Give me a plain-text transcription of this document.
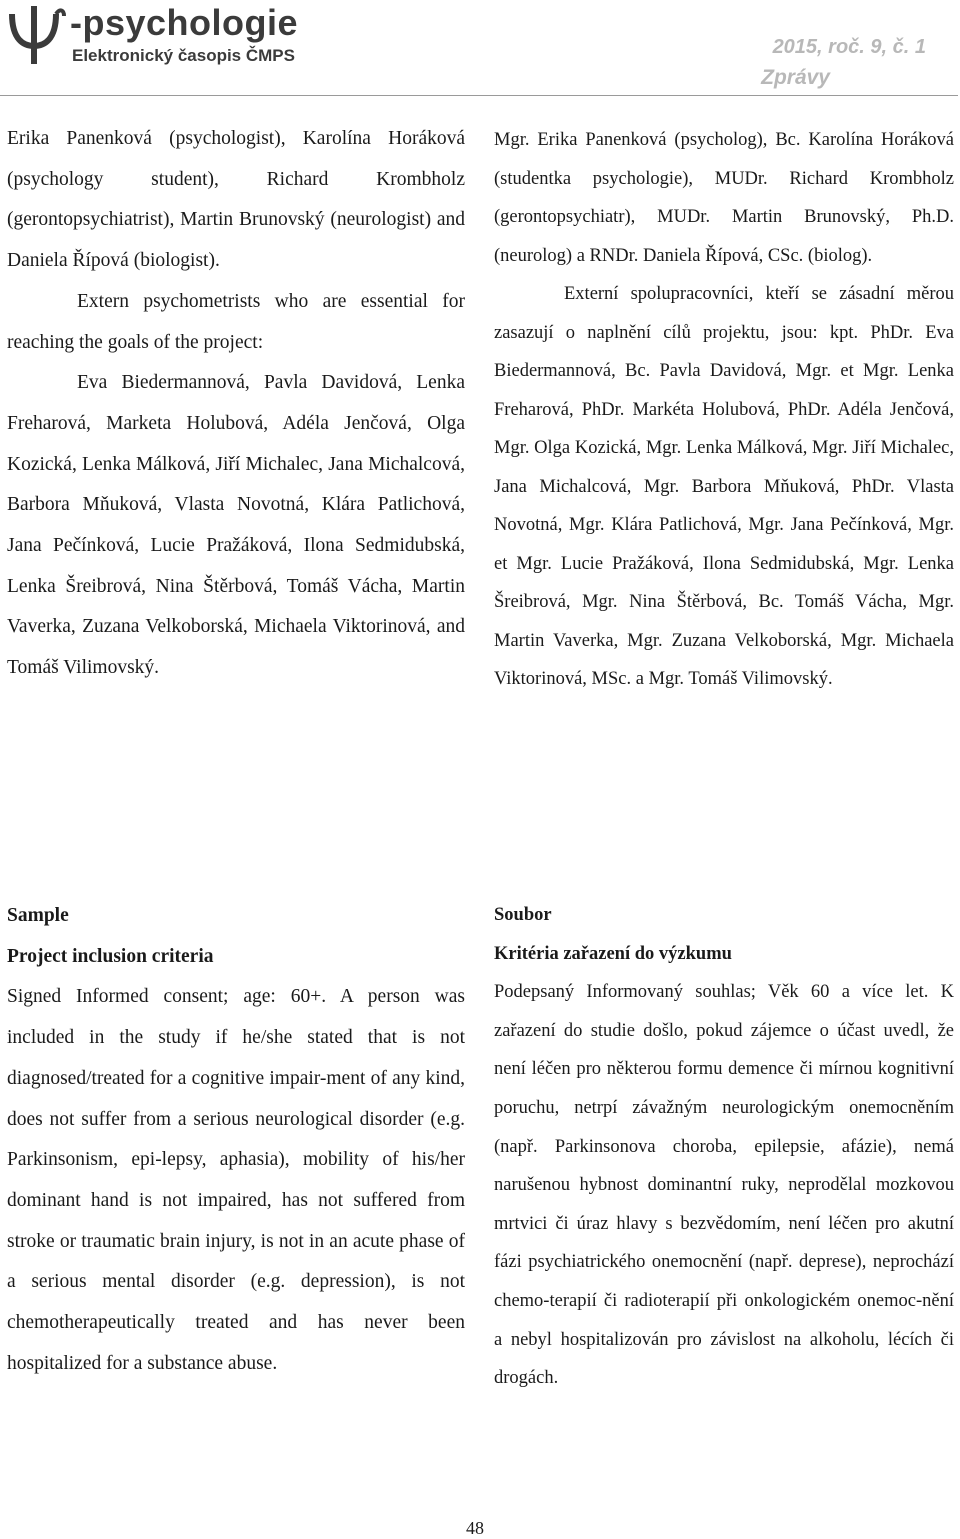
-psychologie
Elektronický časopis ČMPS	2015, roč. 9, č. 1
Zprávy

Erika Panenková (psychologist), Karolína Horáková (psychology student), Richard Krombholz (gerontopsychiatrist), Martin Brunovský (neurologist) and Daniela Řípová (biologist).

Extern psychometrists who are essential for reaching the goals of the project:

Eva Biedermannová, Pavla Davidová, Lenka Freharová, Marketa Holubová, Adéla Jenčová, Olga Kozická, Lenka Málková, Jiří Michalec, Jana Michalcová, Barbora Mňuková, Vlasta Novotná, Klára Patlichová, Jana Pečínková, Lucie Pražáková, Ilona Sedmidubská, Lenka Šreibrová, Nina Štěrbová, Tomáš Vácha, Martin Vaverka, Zuzana Velkoborská, Michaela Viktorinová, and Tomáš Vilimovský.

Mgr. Erika Panenková (psycholog), Bc. Karolína Horáková (studentka psychologie), MUDr. Richard Krombholz (gerontopsychiatr), MUDr. Martin Brunovský, Ph.D. (neurolog) a RNDr. Daniela Řípová, CSc. (biolog).

Externí spolupracovníci, kteří se zásadní měrou zasazují o naplnění cílů projektu, jsou: kpt. PhDr. Eva Biedermannová, Bc. Pavla Davidová, Mgr. et Mgr. Lenka Freharová, PhDr. Markéta Holubová, PhDr. Adéla Jenčová, Mgr. Olga Kozická, Mgr. Lenka Málková, Mgr. Jiří Michalec, Jana Michalcová, Mgr. Barbora Mňuková, PhDr. Vlasta Novotná, Mgr. Klára Patlichová, Mgr. Jana Pečínková, Mgr. et Mgr. Lucie Pražáková, Ilona Sedmidubská, Mgr. Lenka Šreibrová, Mgr. Nina Štěrbová, Bc. Tomáš Vácha, Mgr. Martin Vaverka, Mgr. Zuzana Velkoborská, Mgr. Michaela Viktorinová, MSc. a Mgr. Tomáš Vilimovský.

Sample

Project inclusion criteria

Signed Informed consent; age: 60+. A person was included in the study if he/she stated that is not diagnosed/treated for a cognitive impair-ment of any kind, does not suffer from a serious neurological disorder (e.g. Parkinsonism, epi-lepsy, aphasia), mobility of his/her dominant hand is not impaired, has not suffered from stroke or traumatic brain injury, is not in an acute phase of a serious mental disorder (e.g. depression), is not chemotherapeutically treated and has never been hospitalized for a substance abuse.

Soubor

Kritéria zařazení do výzkumu

Podepsaný Informovaný souhlas; Věk 60 a více let. K zařazení do studie došlo, pokud zájemce o účast uvedl, že není léčen pro některou formu demence či mírnou kognitivní poruchu, netrpí závažným neurologickým onemocněním (např. Parkinsonova choroba, epilepsie, afázie), nemá narušenou hybnost dominantní ruky, neprodělal mozkovou mrtvici či úraz hlavy s bezvědomím, není léčen pro akutní fázi psychiatrického onemocnění (např. deprese), neprochází chemo-terapií či radioterapií při onkologickém onemoc-nění a nebyl hospitalizován pro závislost na alkoholu, lécích či drogách.

48
